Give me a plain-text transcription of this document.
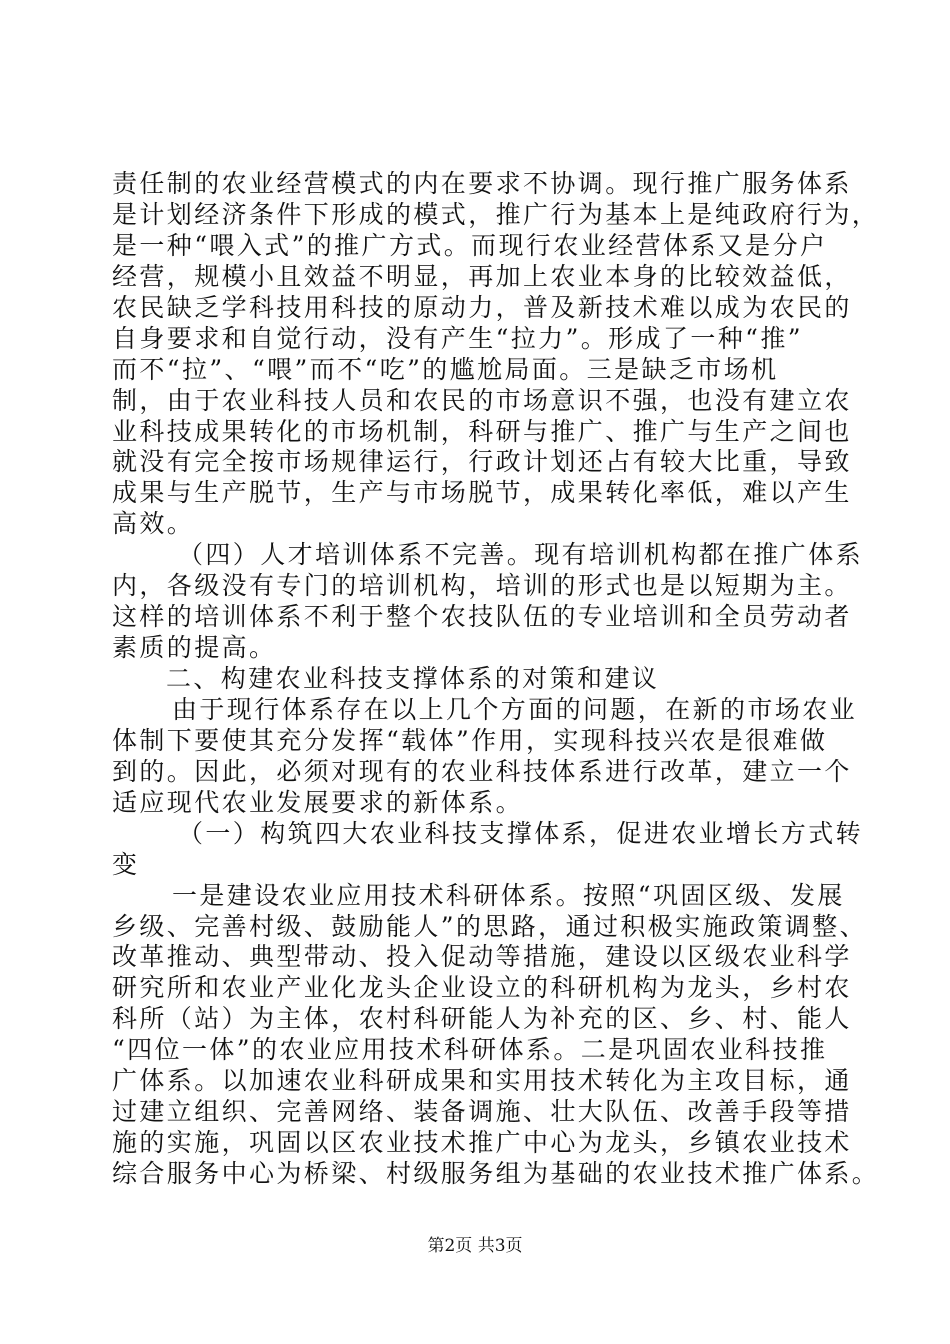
责任制的农业经营模式的内在要求不协调。现行推广服务体系
是计划经济条件下形成的模式，推广行为基本上是纯政府行为，
是一种“喂入式”的推广方式。而现行农业经营体系又是分户
经营，规模小且效益不明显，再加上农业本身的比较效益低，
农民缺乏学科技用科技的原动力，普及新技术难以成为农民的
自身要求和自觉行动，没有产生“拉力”。形成了一种“推”
而不“拉”、“喂”而不“吃”的尴尬局面。三是缺乏市场机
制，由于农业科技人员和农民的市场意识不强，也没有建立农
业科技成果转化的市场机制，科研与推广、推广与生产之间也
就没有完全按市场规律运行，行政计划还占有较大比重，导致
成果与生产脱节，生产与市场脱节，成果转化率低，难以产生
高效。
（四）人才培训体系不完善。现有培训机构都在推广体系
内，各级没有专门的培训机构，培训的形式也是以短期为主。
这样的培训体系不利于整个农技队伍的专业培训和全员劳动者
素质的提高。
二、构建农业科技支撑体系的对策和建议
由于现行体系存在以上几个方面的问题，在新的市场农业
体制下要使其充分发挥“载体”作用，实现科技兴农是很难做
到的。因此，必须对现有的农业科技体系进行改革，建立一个
适应现代农业发展要求的新体系。
（一）构筑四大农业科技支撑体系，促进农业增长方式转
变
一是建设农业应用技术科研体系。按照“巩固区级、发展
乡级、完善村级、鼓励能人”的思路，通过积极实施政策调整、
改革推动、典型带动、投入促动等措施，建设以区级农业科学
研究所和农业产业化龙头企业设立的科研机构为龙头，乡村农
科所（站）为主体，农村科研能人为补充的区、乡、村、能人
“四位一体”的农业应用技术科研体系。二是巩固农业科技推
广体系。以加速农业科研成果和实用技术转化为主攻目标，通
过建立组织、完善网络、装备调施、壮大队伍、改善手段等措
施的实施，巩固以区农业技术推广中心为龙头，乡镇农业技术
综合服务中心为桥梁、村级服务组为基础的农业技术推广体系。
第2页 共3页
